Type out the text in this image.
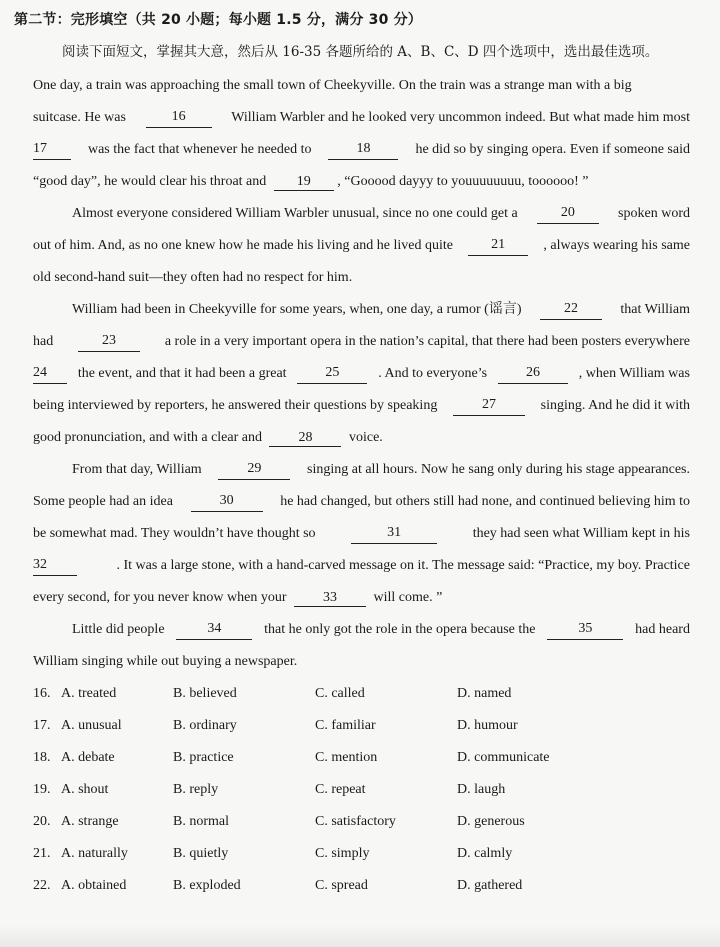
第二节：完形填空（共 20 小题；每小题 1.5 分，满分 30 分）
阅读下面短文，掌握其大意，然后从 16-35 各题所给的 A、B、C、D 四个选项中，选出最佳选项。
One day, a train was approaching the small town of Cheekyville. On the train was a strange man with a big
suitcase. He was	16	William Warbler and he looked very uncommon indeed. But what made him most
17	was the fact that whenever he needed to	18	he did so by singing opera. Even if someone said
“good day”, he would clear his throat and 19 , “Gooood dayyy to youuuuuuuu, toooooo! ”
Almost everyone considered William Warbler unusual, since no one could get a	20	spoken word
out of him. And, as no one knew how he made his living and he lived quite	21	, always wearing his same
old second-hand suit—they often had no respect for him.
William had been in Cheekyville for some years, when, one day, a rumor (谣言)	22	that William
had	23	a role in a very important opera in the nation’s capital, that there had been posters everywhere
24	the event, and that it had been a great	25	. And to everyone’s	26	, when William was
being interviewed by reporters, he answered their questions by speaking	27	singing. And he did it with
good pronunciation, and with a clear and	28	voice.
From that day, William	29	singing at all hours. Now he sang only during his stage appearances.
Some people had an idea	30	he had changed, but others still had none, and continued believing him to
be somewhat mad. They wouldn’t have thought so	31	they had seen what William kept in his
32	. It was a large stone, with a hand-carved message on it. The message said: “Practice, my boy. Practice
every second, for you never know when your	33	will come. ”
Little did people	34	that he only got the role in the opera because the	35	had heard
William singing while out buying a newspaper.
16. A. treated	B. believed	C. called	D. named
17. A. unusual	B. ordinary	C. familiar	D. humour
18. A. debate	B. practice	C. mention	D. communicate
19. A. shout	B. reply	C. repeat	D. laugh
20. A. strange	B. normal	C. satisfactory	D. generous
21. A. naturally	B. quietly	C. simply	D. calmly
22. A. obtained	B. exploded	C. spread	D. gathered
